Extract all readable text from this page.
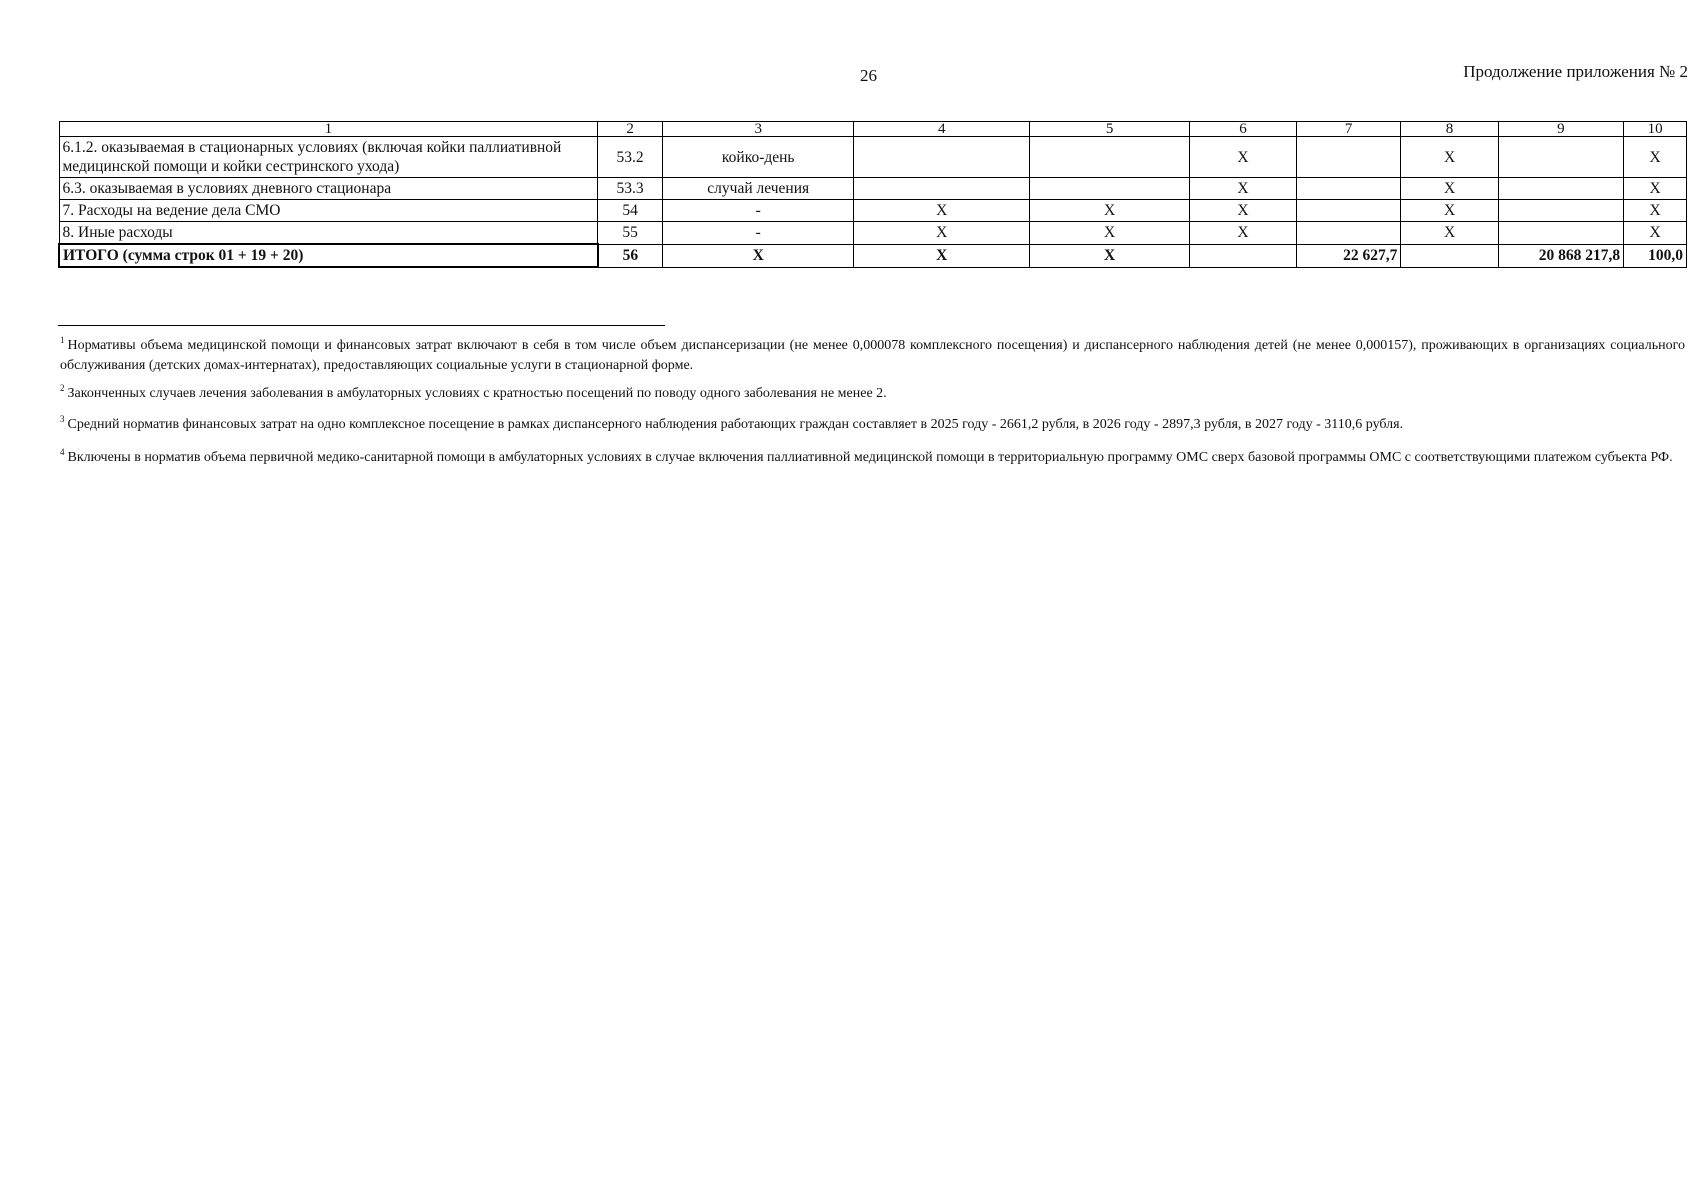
26	Продолжение приложения № 2
1	2	3	4	5	6	7	8	9	10
6.1.2. оказываемая в стационарных условиях (включая койки паллиативной медицинской помощи и койки сестринского ухода)	53.2	койко-день			X		X		X
6.3. оказываемая в условиях дневного стационара	53.3	случай лечения			X		X		X
7. Расходы на ведение дела СМО	54	-	X	X	X		X		X
8. Иные расходы	55	-	X	X	X		X		X
ИТОГО (сумма строк 01 + 19 + 20)	56	X	X	X		22 627,7		20 868 217,8	100,0
$^1$ Нормативы объема медицинской помощи и финансовых затрат включают в себя в том числе объем диспансеризации (не менее 0,000078 комплексного посещения) и диспансерного наблюдения детей (не менее 0,000157), проживающих в организациях социального обслуживания (детских домах-интернатах), предоставляющих социальные услуги в стационарной форме.
$^2$ Законченных случаев лечения заболевания в амбулаторных условиях с кратностью посещений по поводу одного заболевания не менее 2.
$^3$ Средний норматив финансовых затрат на одно комплексное посещение в рамках диспансерного наблюдения работающих граждан составляет в 2025 году - 2661,2 рубля, в 2026 году - 2897,3 рубля, в 2027 году - 3110,6 рубля.
$^4$ Включены в норматив объема первичной медико-санитарной помощи в амбулаторных условиях в случае включения паллиативной медицинской помощи в территориальную программу ОМС сверх базовой программы ОМС с соответствующими платежом субъекта РФ.
